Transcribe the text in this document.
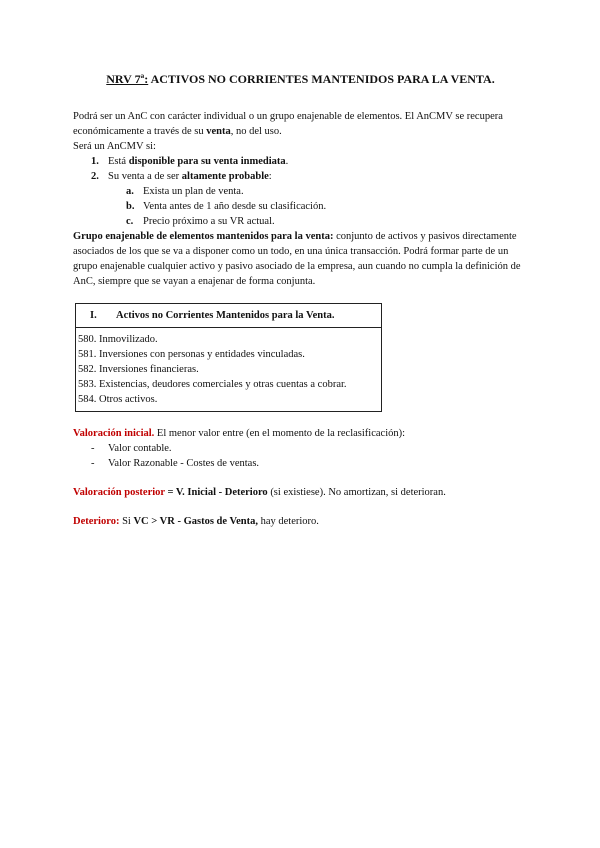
NRV 7ª: ACTIVOS NO CORRIENTES MANTENIDOS PARA LA VENTA.

Podrá ser un AnC con carácter individual o un grupo enajenable de elementos. El AnCMV se recupera económicamente a través de su venta, no del uso.

Será un AnCMV si:

1. Está disponible para su venta inmediata.
2. Su venta a de ser altamente probable:
a. Exista un plan de venta.
b. Venta antes de 1 año desde su clasificación.
c. Precio próximo a su VR actual.

Grupo enajenable de elementos mantenidos para la venta: conjunto de activos y pasivos directamente asociados de los que se va a disponer como un todo, en una única transacción. Podrá formar parte de un grupo enajenable cualquier activo y pasivo asociado de la empresa, aun cuando no cumpla la definición de AnC, siempre que se vayan a enajenar de forma conjunta.

I. Activos no Corrientes Mantenidos para la Venta.
580. Inmovilizado.
581. Inversiones con personas y entidades vinculadas.
582. Inversiones financieras.
583. Existencias, deudores comerciales y otras cuentas a cobrar.
584. Otros activos.

Valoración inicial. El menor valor entre (en el momento de la reclasificación):

- Valor contable.
- Valor Razonable - Costes de ventas.

Valoración posterior = V. Inicial - Deterioro (si existiese). No amortizan, si deterioran.

Deterioro: Si VC > VR - Gastos de Venta, hay deterioro.
